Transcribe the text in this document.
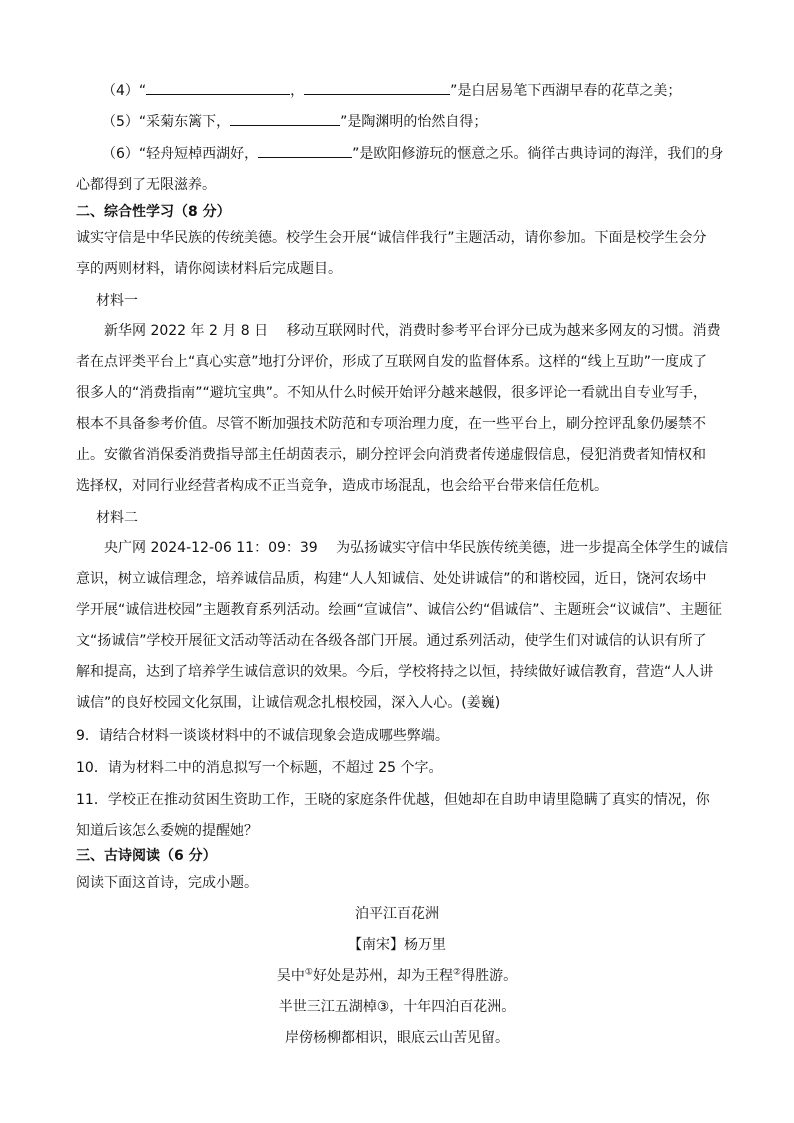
（4）“	，	”是白居易笔下西湖早春的花草之美；
（5）“采菊东篱下，	”是陶渊明的怡然自得；
（6）“轻舟短棹西湖好，	”是欧阳修游玩的惬意之乐。徜徉古典诗词的海洋，我们的身
心都得到了无限滋养。
二、综合性学习（8 分）
诚实守信是中华民族的传统美德。校学生会开展“诚信伴我行”主题活动，请你参加。下面是校学生会分
享的两则材料，请你阅读材料后完成题目。
材料一
新华网 2022 年 2 月 8 日　 移动互联网时代，消费时参考平台评分已成为越来多网友的习惯。消费
者在点评类平台上“真心实意”地打分评价，形成了互联网自发的监督体系。这样的“线上互助”一度成了
很多人的“消费指南”“避坑宝典”。不知从什么时候开始评分越来越假，很多评论一看就出自专业写手，
根本不具备参考价值。尽管不断加强技术防范和专项治理力度，在一些平台上，刷分控评乱象仍屡禁不
止。安徽省消保委消费指导部主任胡茵表示，刷分控评会向消费者传递虚假信息，侵犯消费者知情权和
选择权，对同行业经营者构成不正当竞争，造成市场混乱，也会给平台带来信任危机。
材料二
央广网 2024-12-06 11：09：39　 为弘扬诚实守信中华民族传统美德，进一步提高全体学生的诚信
意识，树立诚信理念，培养诚信品质，构建“人人知诚信、处处讲诚信”的和谐校园，近日，饶河农场中
学开展“诚信进校园”主题教育系列活动。绘画“宣诚信”、诚信公约“倡诚信”、主题班会“议诚信”、主题征
文“扬诚信”学校开展征文活动等活动在各级各部门开展。通过系列活动，使学生们对诚信的认识有所了
解和提高，达到了培养学生诚信意识的效果。今后，学校将持之以恒，持续做好诚信教育，营造“人人讲
诚信”的良好校园文化氛围，让诚信观念扎根校园，深入人心。(姜巍)
9．请结合材料一谈谈材料中的不诚信现象会造成哪些弊端。
10．请为材料二中的消息拟写一个标题，不超过 25 个字。
11．学校正在推动贫困生资助工作，王晓的家庭条件优越，但她却在自助申请里隐瞒了真实的情况，你
知道后该怎么委婉的提醒她？
三、古诗阅读（6 分）
阅读下面这首诗，完成小题。
泊平江百花洲
【南宋】杨万里
吴中①好处是苏州，却为王程②得胜游。
半世三江五湖棹③，十年四泊百花洲。
岸傍杨柳都相识，眼底云山苦见留。
